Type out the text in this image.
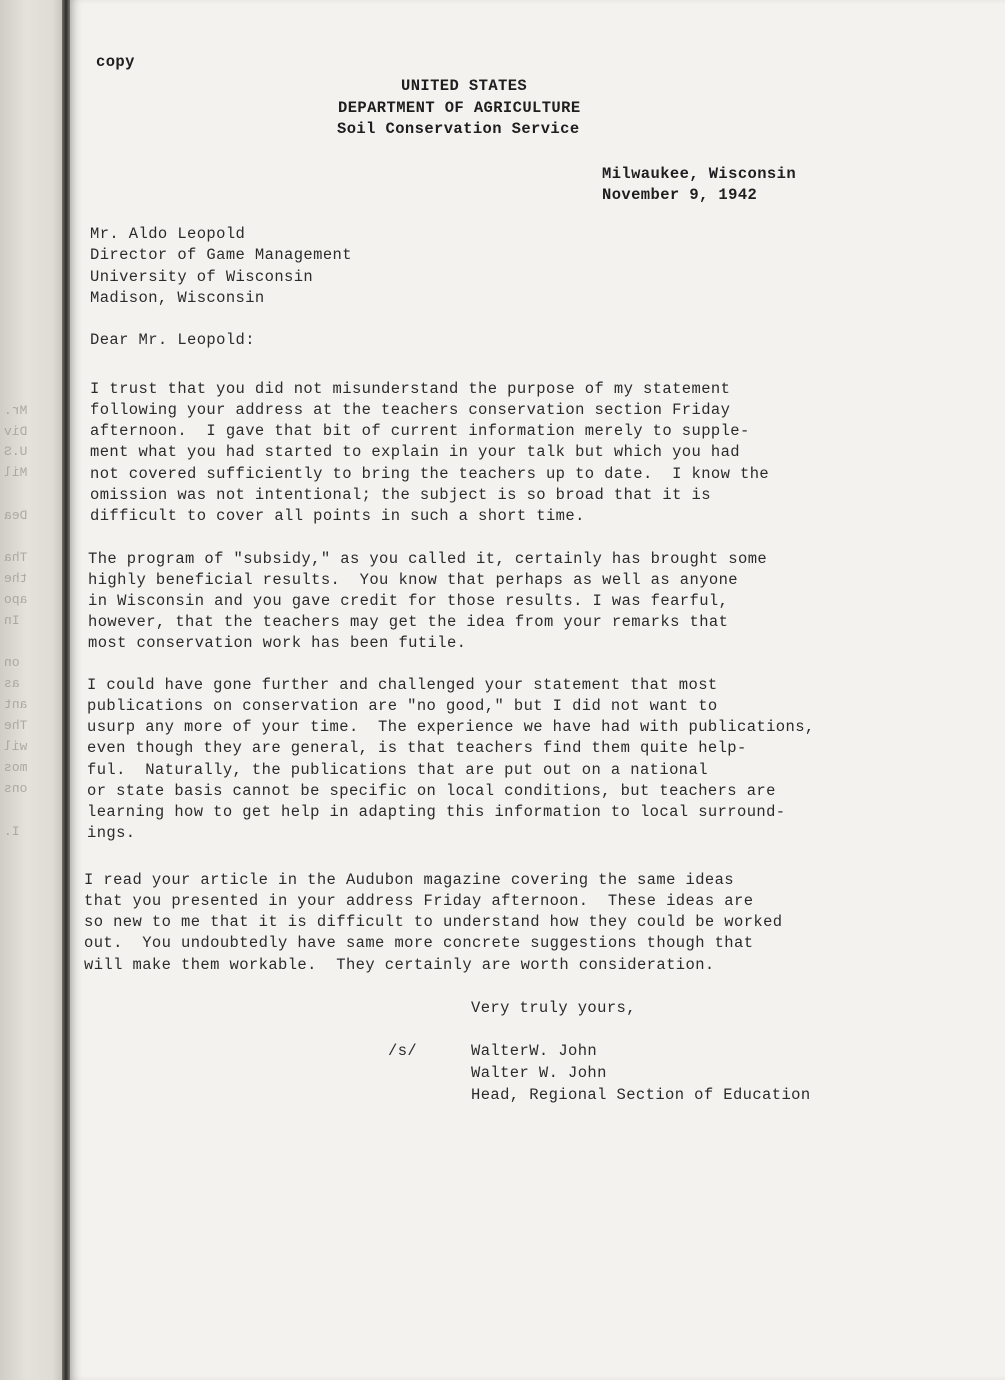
Mr.
Div
U.S
Mil
Dea
Tha
the
apo
In
on
as
ant
The
wil
mos
ons
I.
copy
UNITED STATES
DEPARTMENT OF AGRICULTURE
Soil Conservation Service
Milwaukee, Wisconsin
November 9, 1942
Mr. Aldo Leopold
Director of Game Management
University of Wisconsin
Madison, Wisconsin
Dear Mr. Leopold:
I trust that you did not misunderstand the purpose of my statement
following your address at the teachers conservation section Friday
afternoon.  I gave that bit of current information merely to supple-
ment what you had started to explain in your talk but which you had
not covered sufficiently to bring the teachers up to date.  I know the
omission was not intentional; the subject is so broad that it is
difficult to cover all points in such a short time.
The program of "subsidy," as you called it, certainly has brought some
highly beneficial results.  You know that perhaps as well as anyone
in Wisconsin and you gave credit for those results. I was fearful,
however, that the teachers may get the idea from your remarks that
most conservation work has been futile.
I could have gone further and challenged your statement that most
publications on conservation are "no good," but I did not want to
usurp any more of your time.  The experience we have had with publications,
even though they are general, is that teachers find them quite help-
ful.  Naturally, the publications that are put out on a national
or state basis cannot be specific on local conditions, but teachers are
learning how to get help in adapting this information to local surround-
ings.
I read your article in the Audubon magazine covering the same ideas
that you presented in your address Friday afternoon.  These ideas are
so new to me that it is difficult to understand how they could be worked
out.  You undoubtedly have same more concrete suggestions though that
will make them workable.  They certainly are worth consideration.
Very truly yours,
/s/	WalterW. John
Walter W. John
Head, Regional Section of Education
